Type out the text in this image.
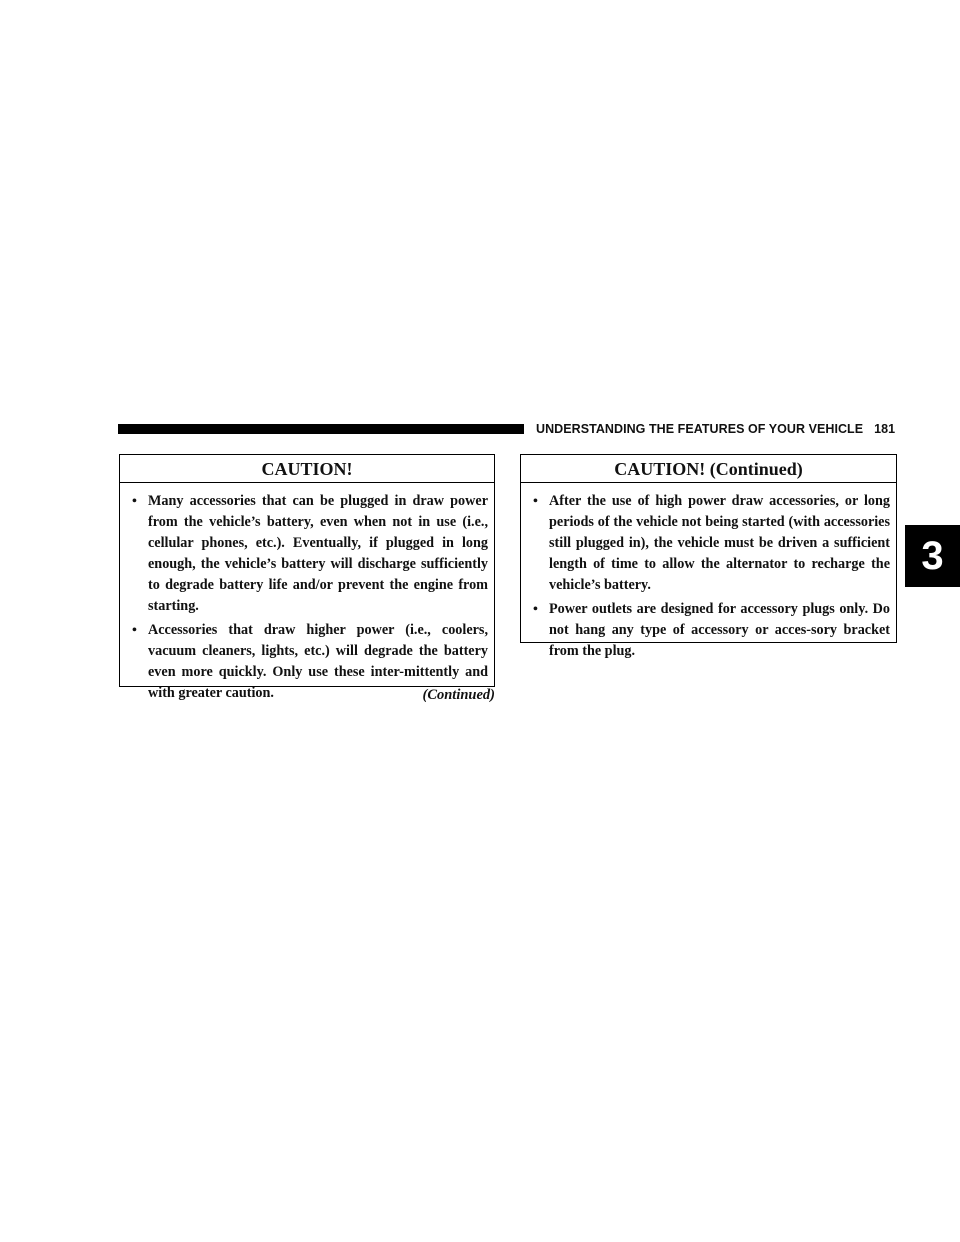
UNDERSTANDING THE FEATURES OF YOUR VEHICLE 181
3
CAUTION!
• Many accessories that can be plugged in draw power from the vehicle’s battery, even when not in use (i.e., cellular phones, etc.). Eventually, if plugged in long enough, the vehicle’s battery will discharge sufficiently to degrade battery life and/or prevent the engine from starting.
• Accessories that draw higher power (i.e., coolers, vacuum cleaners, lights, etc.) will degrade the battery even more quickly. Only use these inter-mittently and with greater caution.	(Continued)
CAUTION! (Continued)
• After the use of high power draw accessories, or long periods of the vehicle not being started (with accessories still plugged in), the vehicle must be driven a sufficient length of time to allow the alternator to recharge the vehicle’s battery.
• Power outlets are designed for accessory plugs only. Do not hang any type of accessory or acces-sory bracket from the plug.
